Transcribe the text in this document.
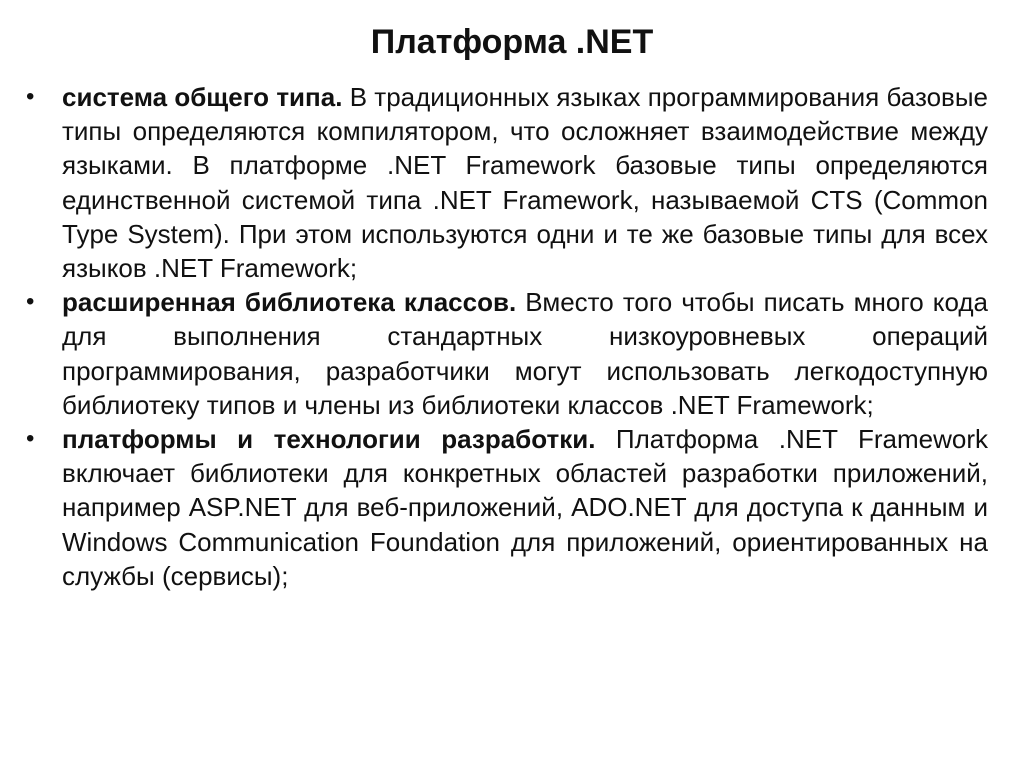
Платформа .NET
•	система общего типа. В традиционных языках программирования базовые типы определяются компилятором, что осложняет взаимодействие между языками. В платформе .NET Framework базовые типы определяются единственной системой типа .NET Framework, называемой CTS (Common Type System). При этом используются одни и те же базовые типы для всех языков .NET Framework;
•	расширенная библиотека классов. Вместо того чтобы писать много кода для выполнения стандартных низкоуровневых операций программирования, разработчики могут использовать легкодоступную библиотеку типов и члены из библиотеки классов .NET Framework;
•	платформы и технологии разработки. Платформа .NET Framework включает библиотеки для конкретных областей разработки приложений, например ASP.NET для веб-приложений, ADO.NET для доступа к данным и Windows Communication Foundation для приложений, ориентированных на службы (сервисы);
